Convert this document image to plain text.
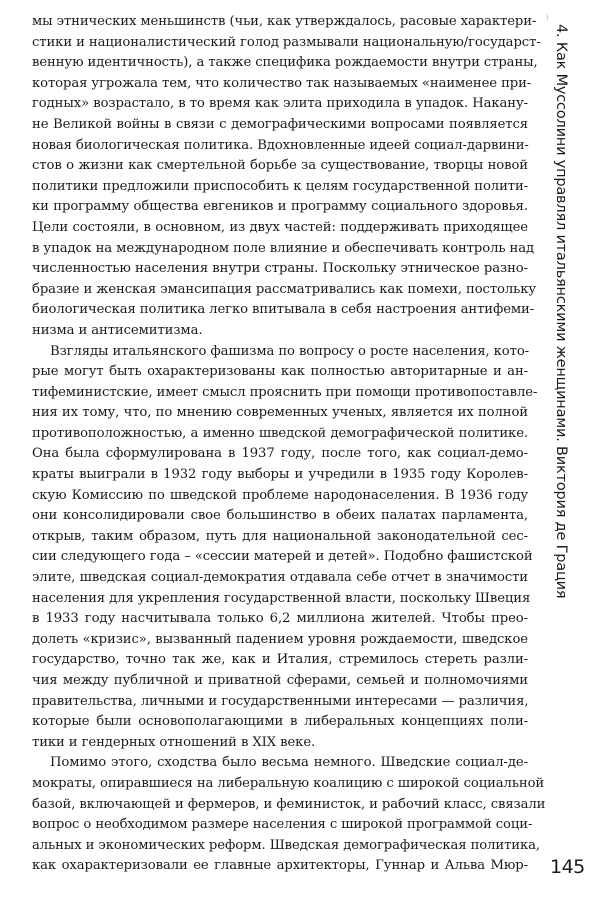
4. Как Муссолини управлял итальянскими женщинами. Виктория де Грация
мы этнических меньшинств (чьи, как утверждалось, расовые характери-
стики и националистический голод размывали национальную/государст-
венную идентичность), а также специфика рождаемости внутри страны,
которая угрожала тем, что количество так называемых «наименее при-
годных» возрастало, в то время как элита приходила в упадок. Накану-
не Великой войны в связи с демографическими вопросами появляется
новая биологическая политика. Вдохновленные идеей социал-дарвини-
стов о жизни как смертельной борьбе за существование, творцы новой
политики предложили приспособить к целям государственной полити-
ки программу общества евгеников и программу социального здоровья.
Цели состояли, в основном, из двух частей: поддерживать приходящее
в упадок на международном поле влияние и обеспечивать контроль над
численностью населения внутри страны. Поскольку этническое разно-
бразие и женская эмансипация рассматривались как помехи, постольку
биологическая политика легко впитывала в себя настроения антифеми-
низма и антисемитизма.
Взгляды итальянского фашизма по вопросу о росте населения, кото-
рые могут быть охарактеризованы как полностью авторитарные и ан-
тифеминистские, имеет смысл прояснить при помощи противопоставле-
ния их тому, что, по мнению современных ученых, является их полной
противоположностью, а именно шведской демографической политике.
Она была сформулирована в 1937 году, после того, как социал-демо-
краты выиграли в 1932 году выборы и учредили в 1935 году Королев-
скую Комиссию по шведской проблеме народонаселения. В 1936 году
они консолидировали свое большинство в обеих палатах парламента,
открыв, таким образом, путь для национальной законодательной сес-
сии следующего года – «сессии матерей и детей». Подобно фашистской
элите, шведская социал-демократия отдавала себе отчет в значимости
населения для укрепления государственной власти, поскольку Швеция
в 1933 году насчитывала только 6,2 миллиона жителей. Чтобы прео-
долеть «кризис», вызванный падением уровня рождаемости, шведское
государство, точно так же, как и Италия, стремилось стереть разли-
чия между публичной и приватной сферами, семьей и полномочиями
правительства, личными и государственными интересами — различия,
которые были основополагающими в либеральных концепциях поли-
тики и гендерных отношений в XIX веке.
Помимо этого, сходства было весьма немного. Шведские социал-де-
мократы, опиравшиеся на либеральную коалицию с широкой социальной
базой, включающей и фермеров, и феминисток, и рабочий класс, связали
вопрос о необходимом размере населения с широкой программой соци-
альных и экономических реформ. Шведская демографическая политика,
как охарактеризовали ее главные архитекторы, Гуннар и Альва Мюр- 145
